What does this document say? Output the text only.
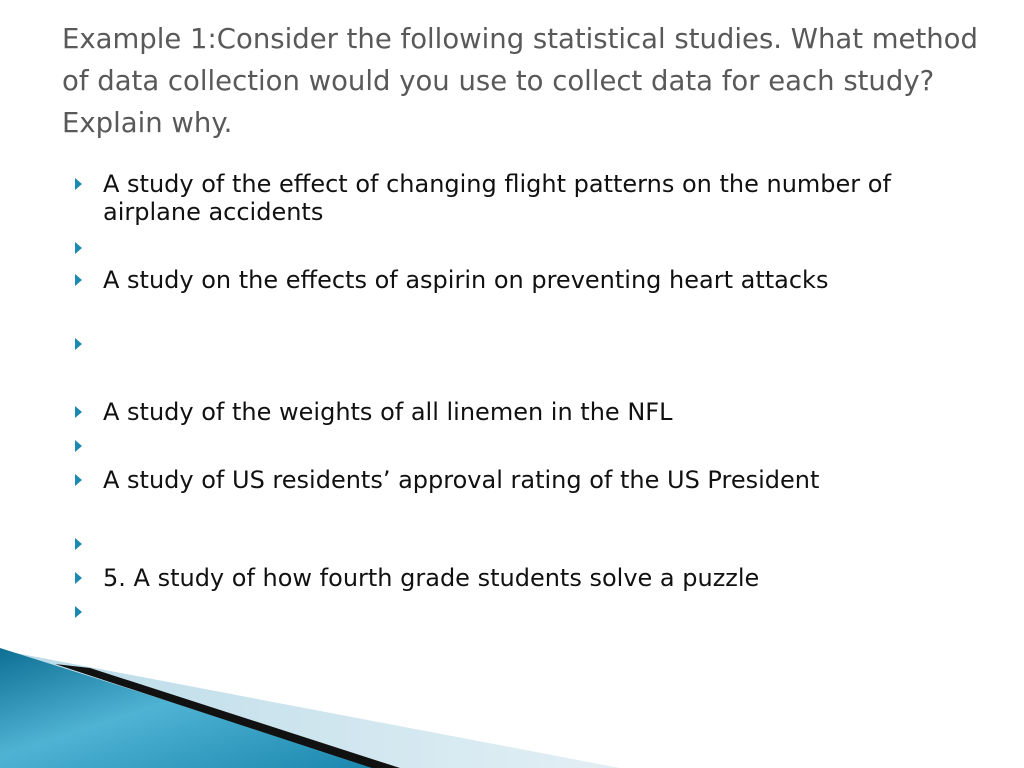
Example 1:Consider the following statistical studies. What method of data collection would you use to collect data for each study? Explain why.
A study of the effect of changing flight patterns on the number of airplane accidents
A study on the effects of aspirin on preventing heart attacks
A study of the weights of all linemen in the NFL
A study of US residents’ approval rating of the US President
5. A study of how fourth grade students solve a puzzle
